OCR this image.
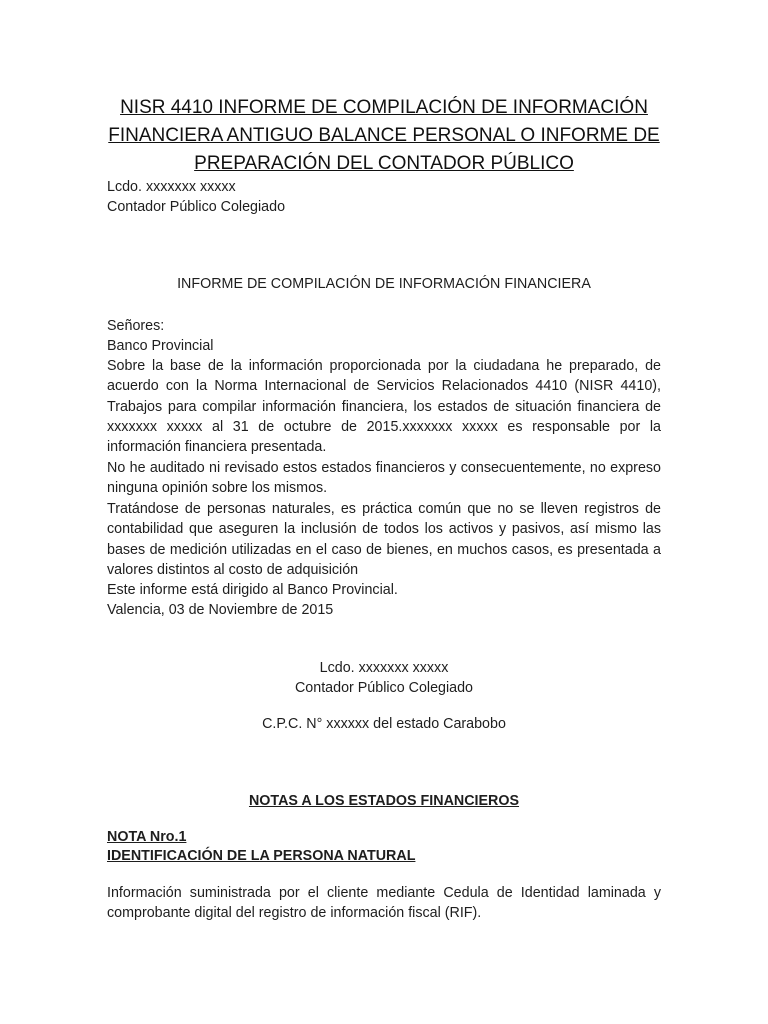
NISR 4410 INFORME DE COMPILACIÓN DE INFORMACIÓN FINANCIERA ANTIGUO BALANCE PERSONAL O INFORME DE PREPARACIÓN DEL CONTADOR PÚBLICO

Lcdo. xxxxxxx xxxxx

Contador Público Colegiado

INFORME DE COMPILACIÓN DE INFORMACIÓN FINANCIERA

Señores:

Banco Provincial

Sobre la base de la información proporcionada por la ciudadana he preparado, de acuerdo con la Norma Internacional de Servicios Relacionados 4410 (NISR 4410), Trabajos para compilar información financiera, los estados de situación financiera de xxxxxxx xxxxx al 31 de octubre de 2015.xxxxxxx xxxxx es responsable por la información financiera presentada.

No he auditado ni revisado estos estados financieros y consecuentemente, no expreso ninguna opinión sobre los mismos.

Tratándose de personas naturales, es práctica común que no se lleven registros de contabilidad que aseguren la inclusión de todos los activos y pasivos, así mismo las bases de medición utilizadas en el caso de bienes, en muchos casos, es presentada a valores distintos al costo de adquisición

Este informe está dirigido al Banco Provincial.

Valencia, 03 de Noviembre de 2015

Lcdo. xxxxxxx xxxxx

Contador Público Colegiado

C.P.C. N° xxxxxx del estado Carabobo

NOTAS A LOS ESTADOS FINANCIEROS

NOTA Nro.1

IDENTIFICACIÓN DE LA PERSONA NATURAL

Información suministrada por el cliente mediante Cedula de Identidad laminada y comprobante digital del registro de información fiscal (RIF).
